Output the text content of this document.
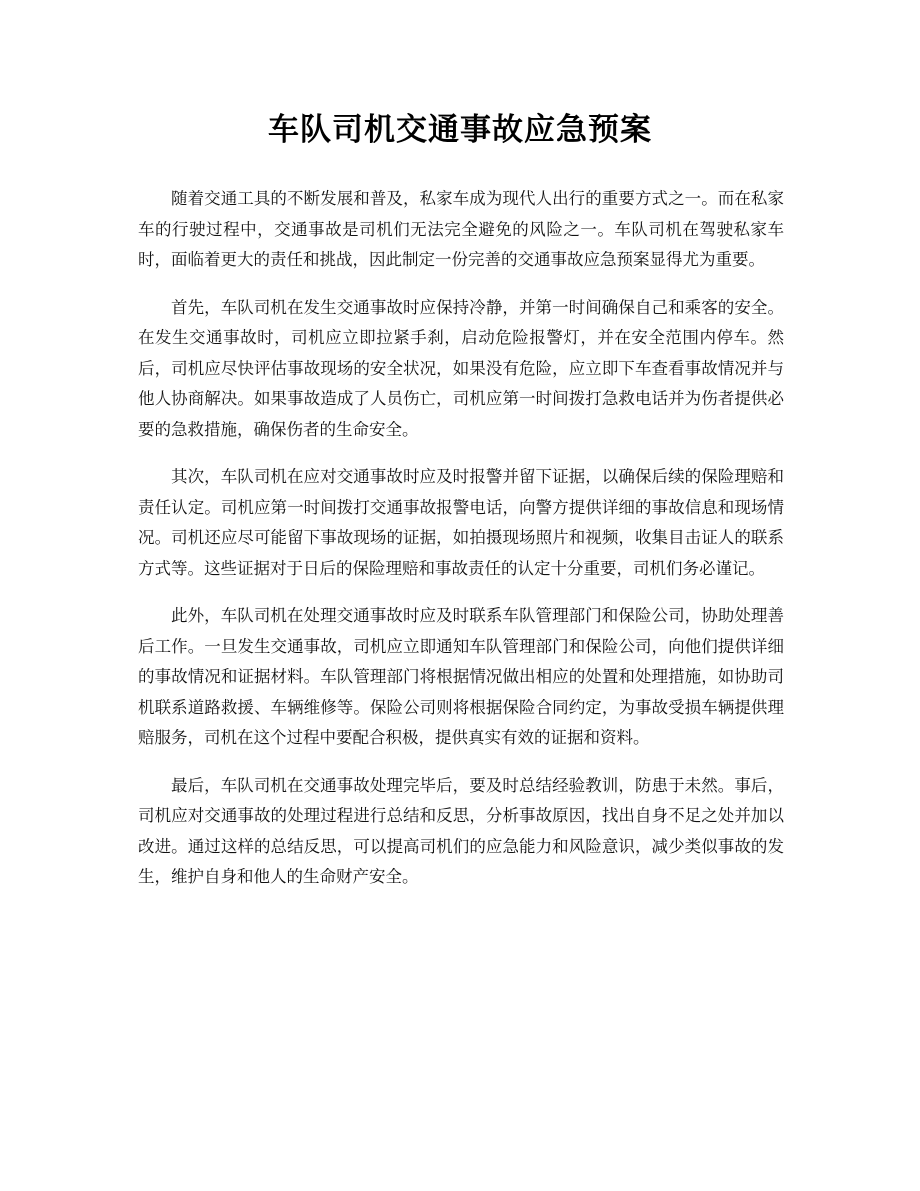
车队司机交通事故应急预案

随着交通工具的不断发展和普及，私家车成为现代人出行的重要方式之一。而在私家车的行驶过程中，交通事故是司机们无法完全避免的风险之一。车队司机在驾驶私家车时，面临着更大的责任和挑战，因此制定一份完善的交通事故应急预案显得尤为重要。

首先，车队司机在发生交通事故时应保持冷静，并第一时间确保自己和乘客的安全。在发生交通事故时，司机应立即拉紧手刹，启动危险报警灯，并在安全范围内停车。然后，司机应尽快评估事故现场的安全状况，如果没有危险，应立即下车查看事故情况并与他人协商解决。如果事故造成了人员伤亡，司机应第一时间拨打急救电话并为伤者提供必要的急救措施，确保伤者的生命安全。

其次，车队司机在应对交通事故时应及时报警并留下证据，以确保后续的保险理赔和责任认定。司机应第一时间拨打交通事故报警电话，向警方提供详细的事故信息和现场情况。司机还应尽可能留下事故现场的证据，如拍摄现场照片和视频，收集目击证人的联系方式等。这些证据对于日后的保险理赔和事故责任的认定十分重要，司机们务必谨记。

此外，车队司机在处理交通事故时应及时联系车队管理部门和保险公司，协助处理善后工作。一旦发生交通事故，司机应立即通知车队管理部门和保险公司，向他们提供详细的事故情况和证据材料。车队管理部门将根据情况做出相应的处置和处理措施，如协助司机联系道路救援、车辆维修等。保险公司则将根据保险合同约定，为事故受损车辆提供理赔服务，司机在这个过程中要配合积极，提供真实有效的证据和资料。

最后，车队司机在交通事故处理完毕后，要及时总结经验教训，防患于未然。事后，司机应对交通事故的处理过程进行总结和反思，分析事故原因，找出自身不足之处并加以改进。通过这样的总结反思，可以提高司机们的应急能力和风险意识，减少类似事故的发生，维护自身和他人的生命财产安全。
